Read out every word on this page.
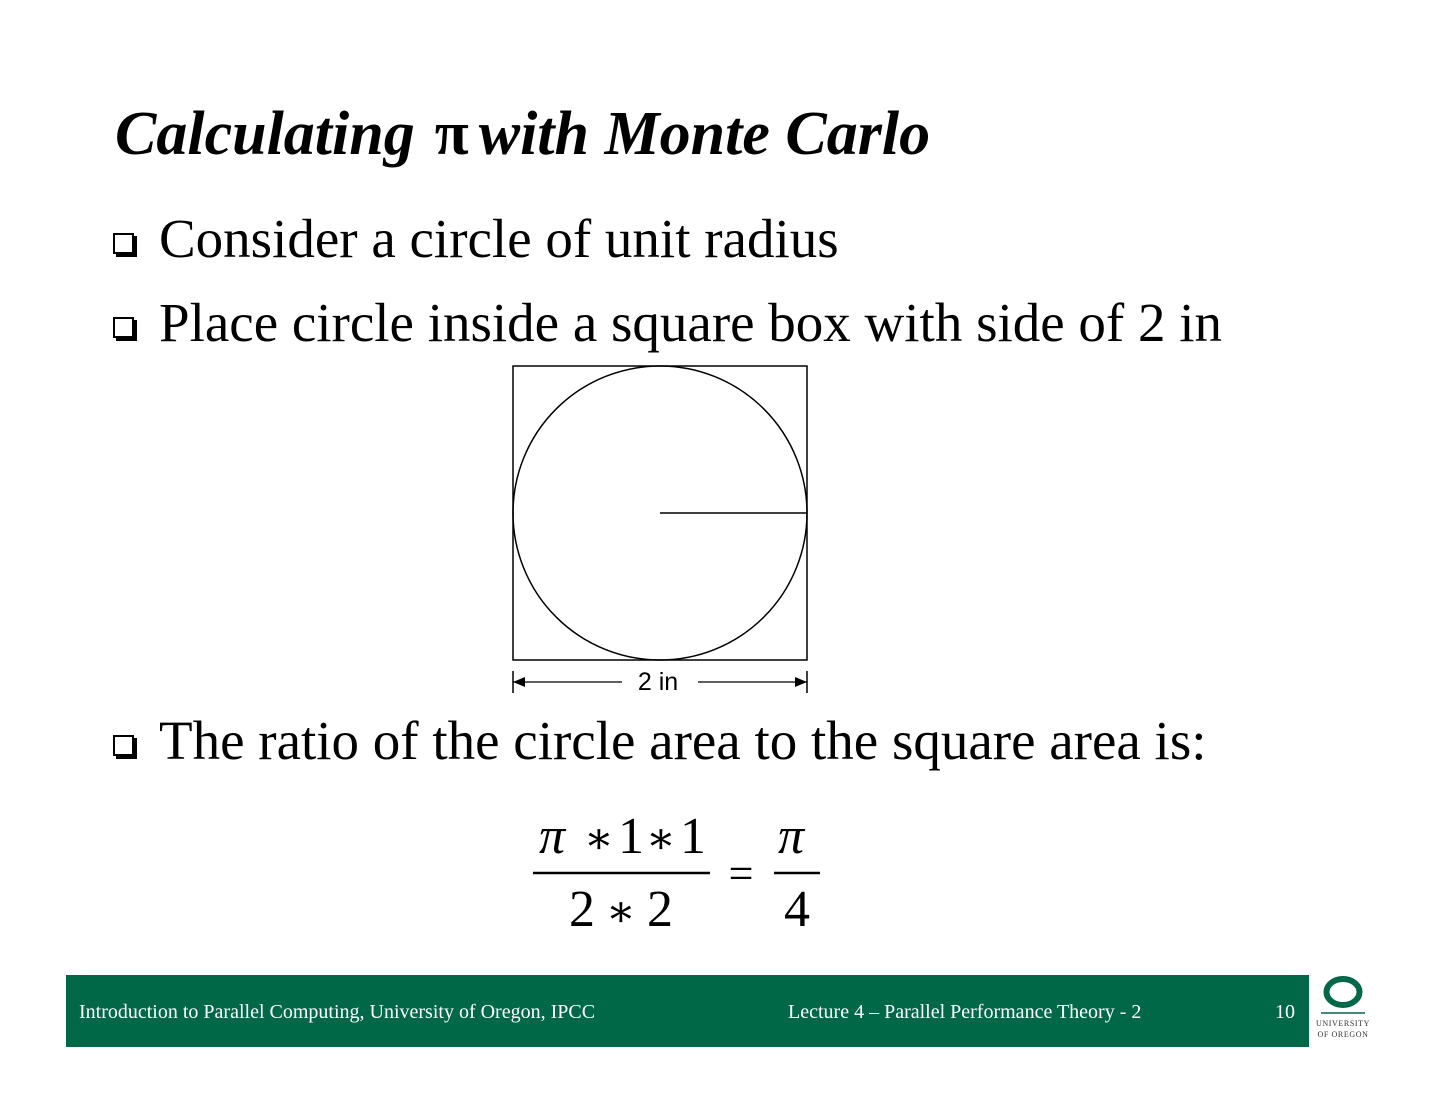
Calculating π with Monte Carlo
Consider a circle of unit radius
Place circle inside a square box with side of 2 in
2 in
The ratio of the circle area to the square area is:
π ∗ 1 ∗ 1
2 ∗ 2
=
π
4
Introduction to Parallel Computing, University of Oregon, IPCC	Lecture 4 – Parallel Performance Theory - 2	10
UNIVERSITY
OF OREGON
